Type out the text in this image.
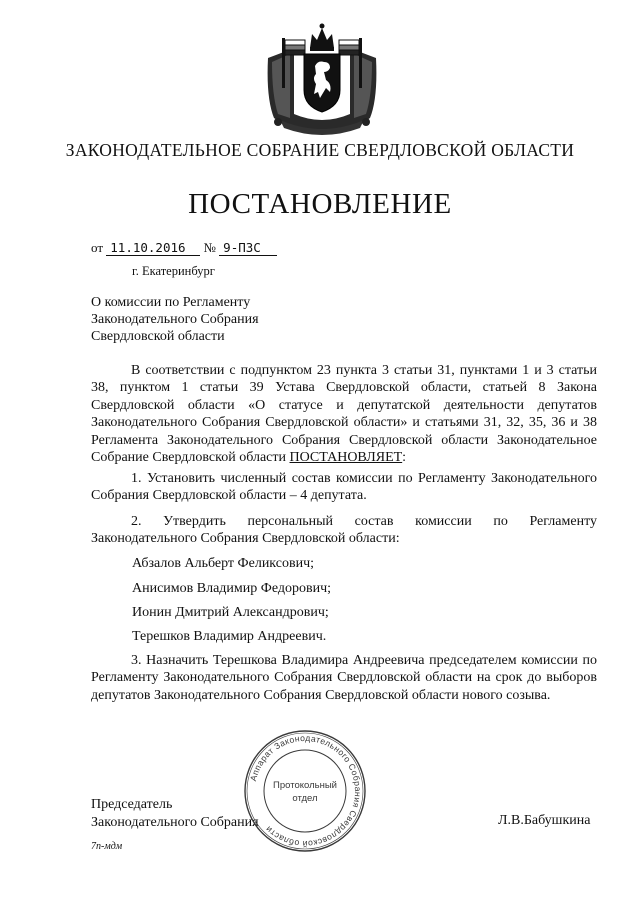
ЗАКОНОДАТЕЛЬНОЕ СОБРАНИЕ СВЕРДЛОВСКОЙ ОБЛАСТИ
ПОСТАНОВЛЕНИЕ
от 11.10.2016 № 9-ПЗС
г. Екатеринбург
О комиссии по Регламенту
Законодательного Собрания
Свердловской области

В соответствии с подпунктом 23 пункта 3 статьи 31, пунктами 1 и 3 статьи 38, пунктом 1 статьи 39 Устава Свердловской области, статьей 8 Закона Свердловской области «О статусе и депутатской деятельности депутатов Законодательного Собрания Свердловской области» и статьями 31, 32, 35, 36 и 38 Регламента Законодательного Собрания Свердловской области Законодательное Собрание Свердловской области ПОСТАНОВЛЯЕТ:

1. Установить численный состав комиссии по Регламенту Законодательного Собрания Свердловской области – 4 депутата.

2. Утвердить персональный состав комиссии по Регламенту Законодательного Собрания Свердловской области:

Абзалов Альберт Феликсович;
Анисимов Владимир Федорович;
Ионин Дмитрий Александрович;
Терешков Владимир Андреевич.

3. Назначить Терешкова Владимира Андреевича председателем комиссии по Регламенту Законодательного Собрания Свердловской области на срок до выборов депутатов Законодательного Собрания Свердловской области нового созыва.

Председатель
Законодательного Собрания	Л.В.Бабушкина
7п-мдм
Аппарат Законодательного Собрания Свердловской области
Протокольный
отдел
